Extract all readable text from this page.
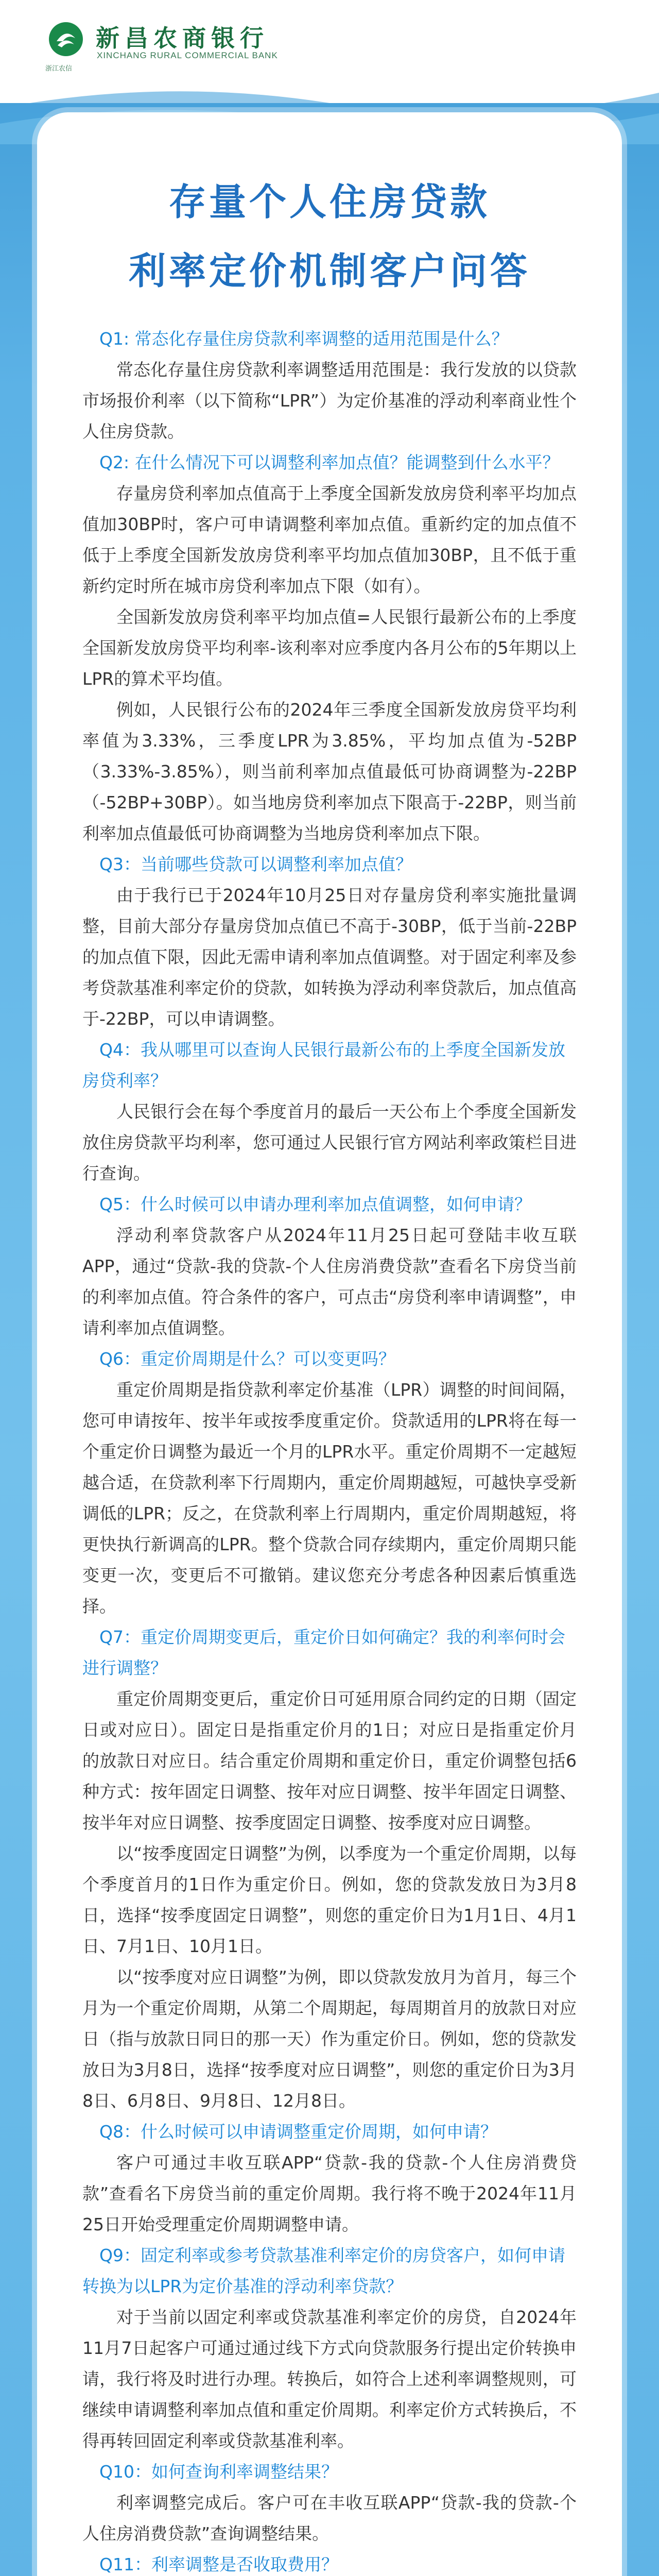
新昌农商银行
XINCHANG RURAL COMMERCIAL BANK
浙江农信
存量个人住房贷款
利率定价机制客户问答
Q1: 常态化存量住房贷款利率调整的适用范围是什么？
常态化存量住房贷款利率调整适用范围是：我行发放的以贷款市场报价利率（以下简称“LPR”）为定价基准的浮动利率商业性个人住房贷款。
Q2: 在什么情况下可以调整利率加点值？能调整到什么水平？
存量房贷利率加点值高于上季度全国新发放房贷利率平均加点值加30BP时，客户可申请调整利率加点值。重新约定的加点值不低于上季度全国新发放房贷利率平均加点值加30BP，且不低于重新约定时所在城市房贷利率加点下限（如有）。
全国新发放房贷利率平均加点值=人民银行最新公布的上季度全国新发放房贷平均利率-该利率对应季度内各月公布的5年期以上LPR的算术平均值。
例如，人民银行公布的2024年三季度全国新发放房贷平均利率值为3.33%，三季度LPR为3.85%，平均加点值为-52BP（3.33%-3.85%），则当前利率加点值最低可协商调整为-22BP（-52BP+30BP）。如当地房贷利率加点下限高于-22BP，则当前利率加点值最低可协商调整为当地房贷利率加点下限。
Q3：当前哪些贷款可以调整利率加点值？
由于我行已于2024年10月25日对存量房贷利率实施批量调整，目前大部分存量房贷加点值已不高于-30BP，低于当前-22BP的加点值下限，因此无需申请利率加点值调整。对于固定利率及参考贷款基准利率定价的贷款，如转换为浮动利率贷款后，加点值高于-22BP，可以申请调整。
Q4：我从哪里可以查询人民银行最新公布的上季度全国新发放房贷利率？
人民银行会在每个季度首月的最后一天公布上个季度全国新发放住房贷款平均利率，您可通过人民银行官方网站利率政策栏目进行查询。
Q5：什么时候可以申请办理利率加点值调整，如何申请？
浮动利率贷款客户从2024年11月25日起可登陆丰收互联APP，通过“贷款-我的贷款-个人住房消费贷款”查看名下房贷当前的利率加点值。符合条件的客户，可点击“房贷利率申请调整”，申请利率加点值调整。
Q6：重定价周期是什么？可以变更吗？
重定价周期是指贷款利率定价基准（LPR）调整的时间间隔，您可申请按年、按半年或按季度重定价。贷款适用的LPR将在每一个重定价日调整为最近一个月的LPR水平。重定价周期不一定越短越合适，在贷款利率下行周期内，重定价周期越短，可越快享受新调低的LPR；反之，在贷款利率上行周期内，重定价周期越短，将更快执行新调高的LPR。整个贷款合同存续期内，重定价周期只能变更一次，变更后不可撤销。建议您充分考虑各种因素后慎重选择。
Q7：重定价周期变更后，重定价日如何确定？我的利率何时会进行调整？
重定价周期变更后，重定价日可延用原合同约定的日期（固定日或对应日）。固定日是指重定价月的1日；对应日是指重定价月的放款日对应日。结合重定价周期和重定价日，重定价调整包括6种方式：按年固定日调整、按年对应日调整、按半年固定日调整、按半年对应日调整、按季度固定日调整、按季度对应日调整。
以“按季度固定日调整”为例，以季度为一个重定价周期，以每个季度首月的1日作为重定价日。例如，您的贷款发放日为3月8日，选择“按季度固定日调整”，则您的重定价日为1月1日、4月1日、7月1日、10月1日。
以“按季度对应日调整”为例，即以贷款发放月为首月，每三个月为一个重定价周期，从第二个周期起，每周期首月的放款日对应日（指与放款日同日的那一天）作为重定价日。例如，您的贷款发放日为3月8日，选择“按季度对应日调整”，则您的重定价日为3月8日、6月8日、9月8日、12月8日。
Q8：什么时候可以申请调整重定价周期，如何申请？
客户可通过丰收互联APP“贷款-我的贷款-个人住房消费贷款”查看名下房贷当前的重定价周期。我行将不晚于2024年11月25日开始受理重定价周期调整申请。
Q9：固定利率或参考贷款基准利率定价的房贷客户，如何申请转换为以LPR为定价基准的浮动利率贷款？
对于当前以固定利率或贷款基准利率定价的房贷，自2024年11月7日起客户可通过通过线下方式向贷款服务行提出定价转换申请，我行将及时进行办理。转换后，如符合上述利率调整规则，可继续申请调整利率加点值和重定价周期。利率定价方式转换后，不得再转回固定利率或贷款基准利率。
Q10：如何查询利率调整结果？
利率调整完成后。客户可在丰收互联APP“贷款-我的贷款-个人住房消费贷款”查询调整结果。
Q11：利率调整是否收取费用？
